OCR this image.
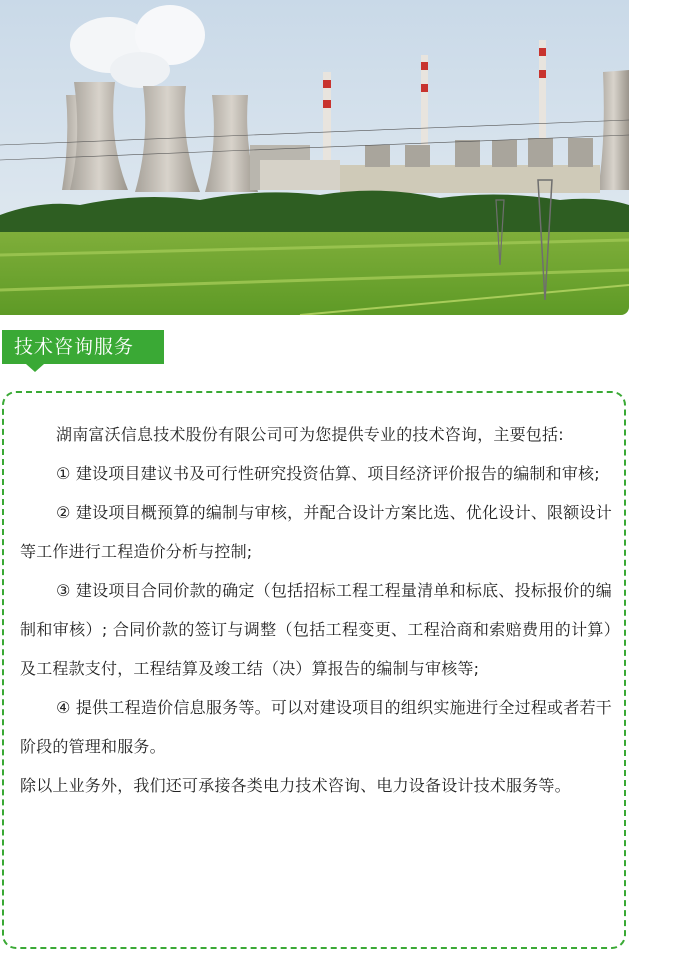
技术咨询服务

湖南富沃信息技术股份有限公司可为您提供专业的技术咨询，主要包括:

① 建设项目建议书及可行性研究投资估算、项目经济评价报告的编制和审核;

② 建设项目概预算的编制与审核，并配合设计方案比选、优化设计、限额设计等工作进行工程造价分析与控制;

③ 建设项目合同价款的确定（包括招标工程工程量清单和标底、投标报价的编制和审核）; 合同价款的签订与调整（包括工程变更、工程洽商和索赔费用的计算）及工程款支付，工程结算及竣工结（决）算报告的编制与审核等;

④ 提供工程造价信息服务等。可以对建设项目的组织实施进行全过程或者若干阶段的管理和服务。

除以上业务外，我们还可承接各类电力技术咨询、电力设备设计技术服务等。
